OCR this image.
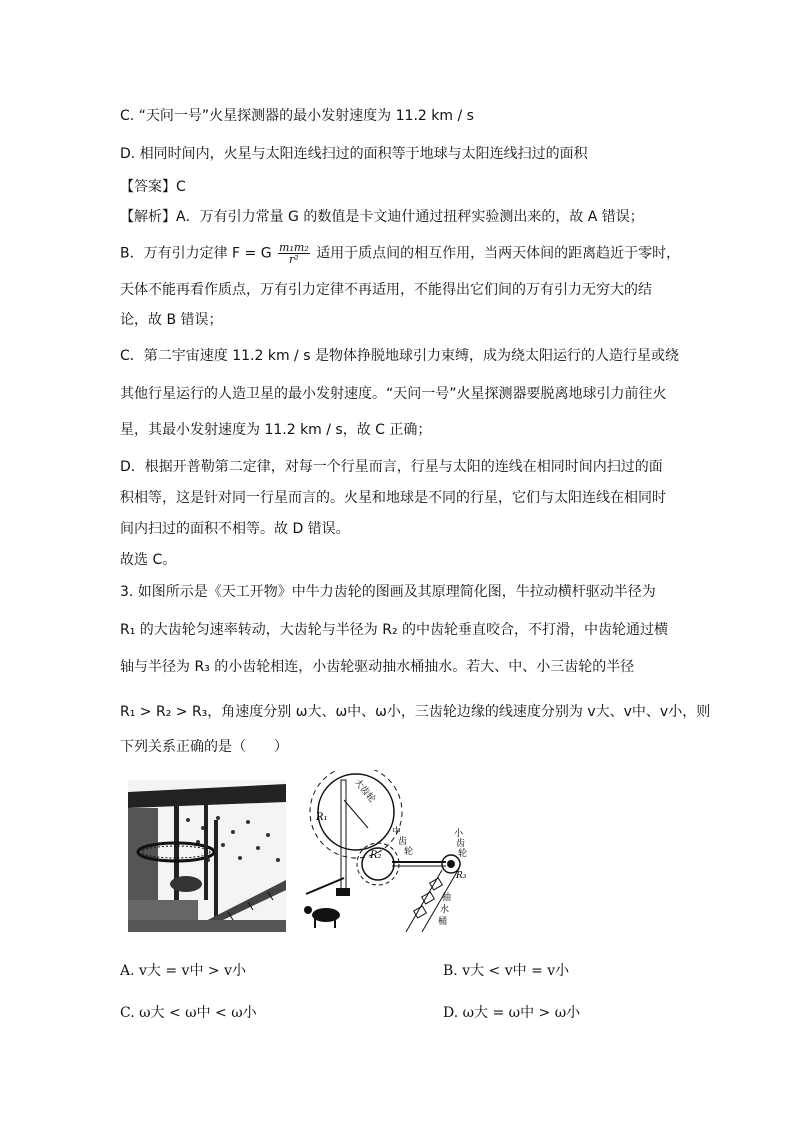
C. “天问一号”火星探测器的最小发射速度为 11.2 km / s
D. 相同时间内，火星与太阳连线扫过的面积等于地球与太阳连线扫过的面积
【答案】C
【解析】A．万有引力常量 G 的数值是卡文迪什通过扭秤实验测出来的，故 A 错误；
B．万有引力定律 F = G $\frac{\text{m₁m₂}}{\text{r²}}$ 适用于质点间的相互作用，当两天体间的距离趋近于零时，
天体不能再看作质点，万有引力定律不再适用，不能得出它们间的万有引力无穷大的结
论，故 B 错误；
C．第二宇宙速度 11.2 km / s 是物体挣脱地球引力束缚，成为绕太阳运行的人造行星或绕
其他行星运行的人造卫星的最小发射速度。“天问一号”火星探测器要脱离地球引力前往火
星，其最小发射速度为 11.2 km / s，故 C 正确；
D．根据开普勒第二定律，对每一个行星而言，行星与太阳的连线在相同时间内扫过的面
积相等，这是针对同一行星而言的。火星和地球是不同的行星，它们与太阳连线在相同时
间内扫过的面积不相等。故 D 错误。
故选 C。
3. 如图所示是《天工开物》中牛力齿轮的图画及其原理简化图，牛拉动横杆驱动半径为
R₁ 的大齿轮匀速率转动，大齿轮与半径为 R₂ 的中齿轮垂直咬合，不打滑，中齿轮通过横
轴与半径为 R₃ 的小齿轮相连，小齿轮驱动抽水桶抽水。若大、中、小三齿轮的半径
R₁ > R₂ > R₃，角速度分别 ω大、ω中、ω小，三齿轮边缘的线速度分别为 v大、v中、v小，则
下列关系正确的是（　　）
大齿轮
R₁
R₂
R₃
中
齿
轮
小
齿
轮
抽
水
桶
A. v大 = v中 > v小	B. v大 < v中 = v小
C. ω大 < ω中 < ω小	D. ω大 = ω中 > ω小
